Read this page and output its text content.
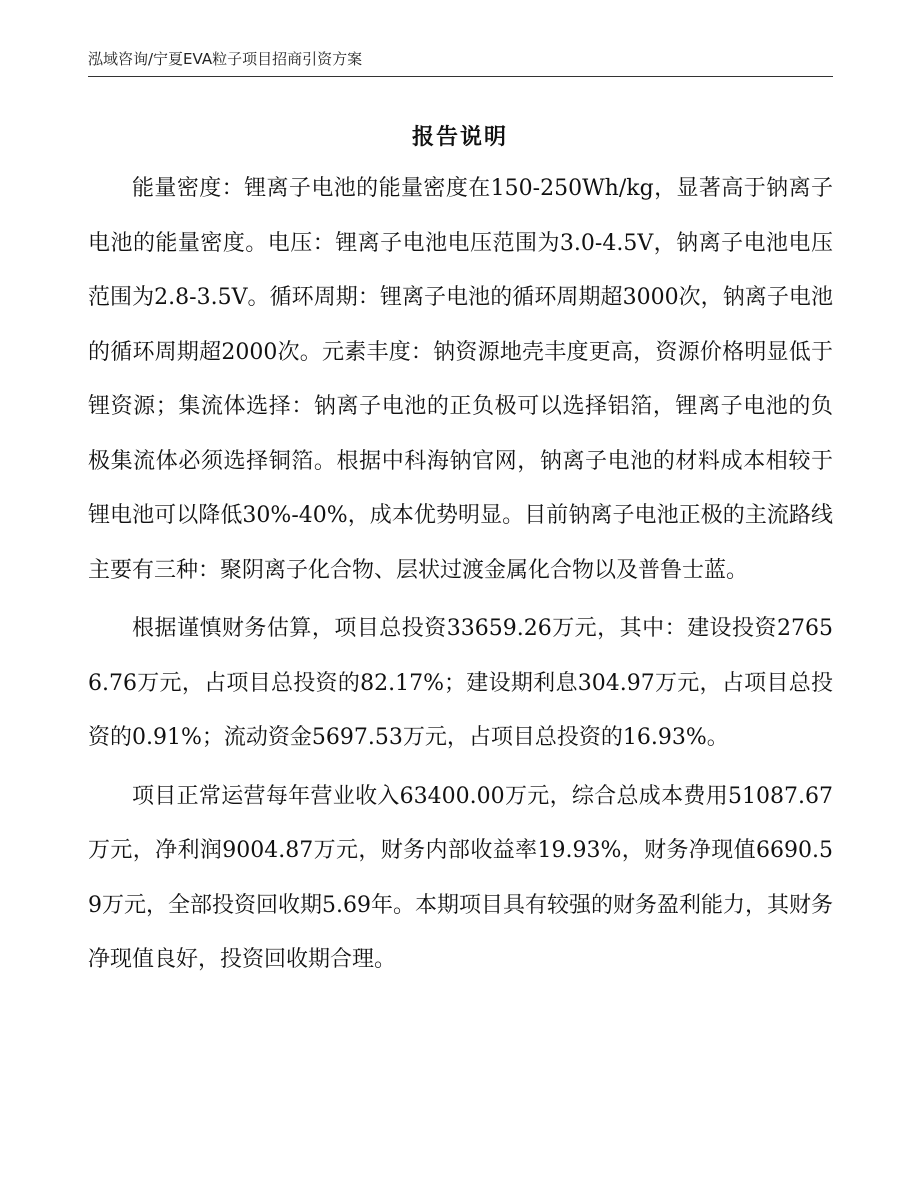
泓域咨询/宁夏EVA粒子项目招商引资方案
报告说明

能量密度：锂离子电池的能量密度在150-250Wh/kg，显著高于钠离子电池的能量密度。电压：锂离子电池电压范围为3.0-4.5V，钠离子电池电压范围为2.8-3.5V。循环周期：锂离子电池的循环周期超3000次，钠离子电池的循环周期超2000次。元素丰度：钠资源地壳丰度更高，资源价格明显低于锂资源；集流体选择：钠离子电池的正负极可以选择铝箔，锂离子电池的负极集流体必须选择铜箔。根据中科海钠官网，钠离子电池的材料成本相较于锂电池可以降低30%-40%，成本优势明显。目前钠离子电池正极的主流路线主要有三种：聚阴离子化合物、层状过渡金属化合物以及普鲁士蓝。

根据谨慎财务估算，项目总投资33659.26万元，其中：建设投资27656.76万元，占项目总投资的82.17%；建设期利息304.97万元，占项目总投资的0.91%；流动资金5697.53万元，占项目总投资的16.93%。

项目正常运营每年营业收入63400.00万元，综合总成本费用51087.67万元，净利润9004.87万元，财务内部收益率19.93%，财务净现值6690.59万元，全部投资回收期5.69年。本期项目具有较强的财务盈利能力，其财务净现值良好，投资回收期合理。
